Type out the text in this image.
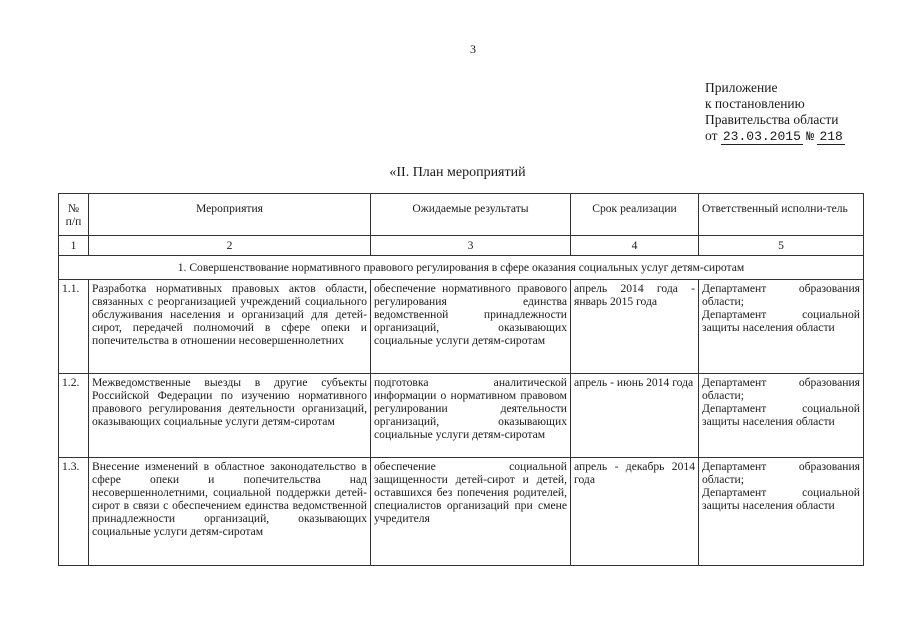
3
Приложение
к постановлению
Правительства области
от 23.03.2015 № 218
«II. План мероприятий
№ п/п	Мероприятия	Ожидаемые результаты	Срок реализации	Ответственный исполни-тель
1	2	3	4	5
1. Совершенствование нормативного правового регулирования в сфере оказания социальных услуг детям-сиротам				
1.1.	Разработка нормативных правовых актов области, связанных с реорганизацией учреждений социального обслуживания населения и организаций для детей-сирот, передачей полномочий в сфере опеки и попечительства в отношении несовершеннолетних	обеспечение нормативного правового регулирования единства ведомственной принадлежности организаций, оказывающих социальные услуги детям-сиротам	апрель 2014 года - январь 2015 года	Департамент образования области;
Департамент социальной защиты населения области

1.2.	Межведомственные выезды в другие субъекты Российской Федерации по изучению нормативного правового регулирования деятельности организаций, оказывающих социальные услуги детям-сиротам	подготовка аналитической информации о нормативном правовом регулировании деятельности организаций, оказывающих социальные услуги детям-сиротам	апрель - июнь 2014 года	Департамент образования области;
Департамент социальной защиты населения области

1.3.	Внесение изменений в областное законодательство в сфере опеки и попечительства над несовершеннолетними, социальной поддержки детей-сирот в связи с обеспечением единства ведомственной принадлежности организаций, оказывающих социальные услуги детям-сиротам	обеспечение социальной защищенности детей-сирот и детей, оставшихся без попечения родителей, специалистов организаций при смене учредителя	апрель - декабрь 2014 года	Департамент образования области;
Департамент социальной защиты населения области
